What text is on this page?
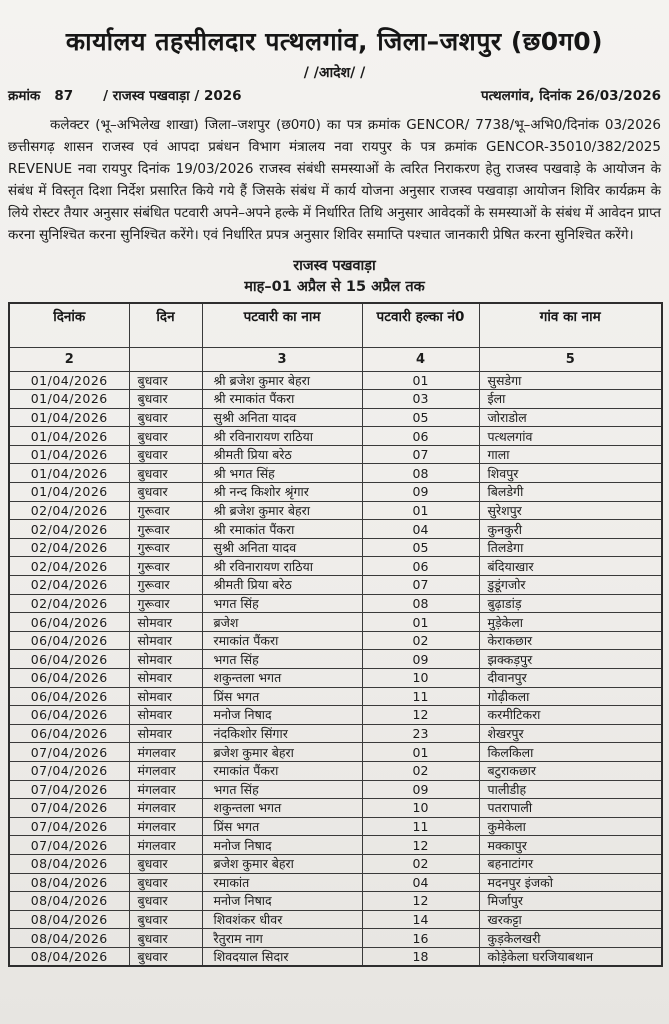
कार्यालय तहसीलदार पत्थलगांव, जिला–जशपुर (छ0ग0)
/ /आदेश/ /
क्रमांक 87 / राजस्व पखवाड़ा / 2026	पत्थलगांव, दिनांक 26/03/2026

कलेक्टर (भू–अभिलेख शाखा) जिला–जशपुर (छ0ग0) का पत्र क्रमांक GENCOR/ 7738/भू–अभि0/दिनांक 03/2026 छत्तीसगढ़ शासन राजस्व एवं आपदा प्रबंधन विभाग मंत्रालय नवा रायपुर के पत्र क्रमांक GENCOR-35010/382/2025 REVENUE नवा रायपुर दिनांक 19/03/2026 राजस्व संबंधी समस्याओं के त्वरित निराकरण हेतु राजस्व पखवाड़े के आयोजन के संबंध में विस्तृत दिशा निर्देश प्रसारित किये गये हैं जिसके संबंध में कार्य योजना अनुसार राजस्व पखवाड़ा आयोजन शिविर कार्यक्रम के लिये रोस्टर तैयार अनुसार संबंधित पटवारी अपने–अपने हल्के में निर्धारित तिथि अनुसार आवेदकों के समस्याओं के संबंध में आवेदन प्राप्त करना सुनिश्चित करना सुनिश्चित करेंगे। एवं निर्धारित प्रपत्र अनुसार शिविर समाप्ति पश्चात जानकारी प्रेषित करना सुनिश्चित करेंगे।

राजस्व पखवाड़ा
माह–01 अप्रैल से 15 अप्रैल तक
दिनांक	दिन	पटवारी का नाम	पटवारी हल्का नं0	गांव का नाम
2		3	4	5
01/04/2026	बुधवार	श्री ब्रजेश कुमार बेहरा	01	सुसडेगा
01/04/2026	बुधवार	श्री रमाकांत पैंकरा	03	ईला
01/04/2026	बुधवार	सुश्री अनिता यादव	05	जोराडोल
01/04/2026	बुधवार	श्री रविनारायण राठिया	06	पत्थलगांव
01/04/2026	बुधवार	श्रीमती प्रिया बरेठ	07	गाला
01/04/2026	बुधवार	श्री भगत सिंह	08	शिवपुर
01/04/2026	बुधवार	श्री नन्द किशोर श्रृंगार	09	बिलडेगी
02/04/2026	गुरूवार	श्री ब्रजेश कुमार बेहरा	01	सुरेशपुर
02/04/2026	गुरूवार	श्री रमाकांत पैंकरा	04	कुनकुरी
02/04/2026	गुरूवार	सुश्री अनिता यादव	05	तिलडेगा
02/04/2026	गुरूवार	श्री रविनारायण राठिया	06	बंदियाखार
02/04/2026	गुरूवार	श्रीमती प्रिया बरेठ	07	डुडूंगजोर
02/04/2026	गुरूवार	भगत सिंह	08	बुढ़ाडांड़
06/04/2026	सोमवार	ब्रजेश	01	मुड़ेकेला
06/04/2026	सोमवार	रमाकांत पैंकरा	02	केराकछार
06/04/2026	सोमवार	भगत सिंह	09	झक्कड़पुर
06/04/2026	सोमवार	शकुन्तला भगत	10	दीवानपुर
06/04/2026	सोमवार	प्रिंस भगत	11	गोढ़ीकला
06/04/2026	सोमवार	मनोज निषाद	12	करमीटिकरा
06/04/2026	सोमवार	नंदकिशोर सिंगार	23	शेखरपुर
07/04/2026	मंगलवार	ब्रजेश कुमार बेहरा	01	किलकिला
07/04/2026	मंगलवार	रमाकांत पैंकरा	02	बटुराकछार
07/04/2026	मंगलवार	भगत सिंह	09	पालीडीह
07/04/2026	मंगलवार	शकुन्तला भगत	10	पतरापाली
07/04/2026	मंगलवार	प्रिंस भगत	11	कुमेकेला
07/04/2026	मंगलवार	मनोज निषाद	12	मक्कापुर
08/04/2026	बुधवार	ब्रजेश कुमार बेहरा	02	बहनाटांगर
08/04/2026	बुधवार	रमाकांत	04	मदनपुर इंजको
08/04/2026	बुधवार	मनोज निषाद	12	मिर्जापुर
08/04/2026	बुधवार	शिवशंकर धीवर	14	खरकट्टा
08/04/2026	बुधवार	रैतुराम नाग	16	कुड़केलखरी
08/04/2026	बुधवार	शिवदयाल सिदार	18	कोड़ेकेला घरजियाबथान
